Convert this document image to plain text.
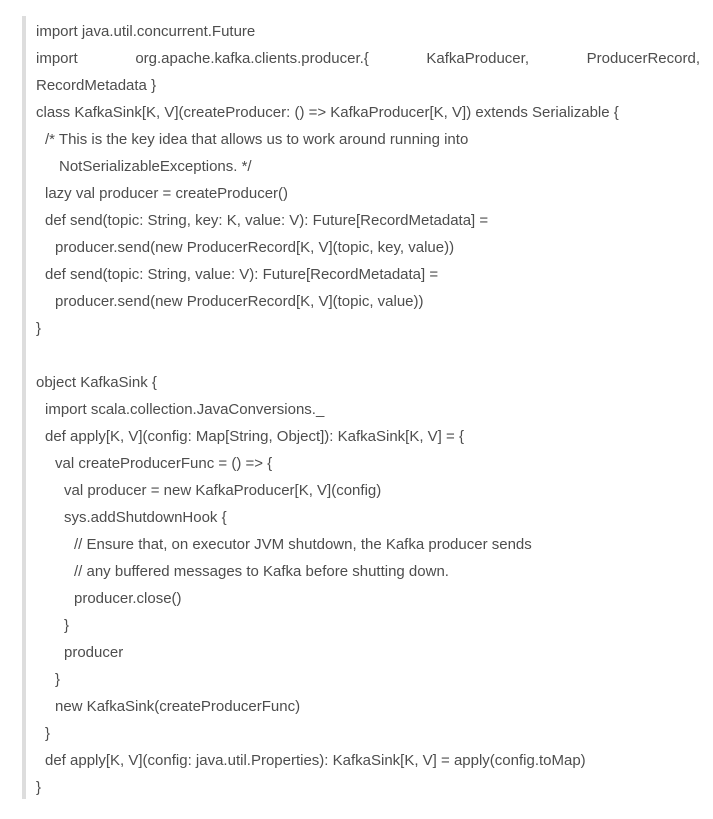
import java.util.concurrent.Future
import	org.apache.kafka.clients.producer.{	KafkaProducer,	ProducerRecord,
RecordMetadata }
class KafkaSink[K, V](createProducer: () => KafkaProducer[K, V]) extends Serializable {
/* This is the key idea that allows us to work around running into
NotSerializableExceptions. */
lazy val producer = createProducer()
def send(topic: String, key: K, value: V): Future[RecordMetadata] =
producer.send(new ProducerRecord[K, V](topic, key, value))
def send(topic: String, value: V): Future[RecordMetadata] =
producer.send(new ProducerRecord[K, V](topic, value))
}
object KafkaSink {
import scala.collection.JavaConversions._
def apply[K, V](config: Map[String, Object]): KafkaSink[K, V] = {
val createProducerFunc = () => {
val producer = new KafkaProducer[K, V](config)
sys.addShutdownHook {
// Ensure that, on executor JVM shutdown, the Kafka producer sends
// any buffered messages to Kafka before shutting down.
producer.close()
}
producer
}
new KafkaSink(createProducerFunc)
}
def apply[K, V](config: java.util.Properties): KafkaSink[K, V] = apply(config.toMap)
}
